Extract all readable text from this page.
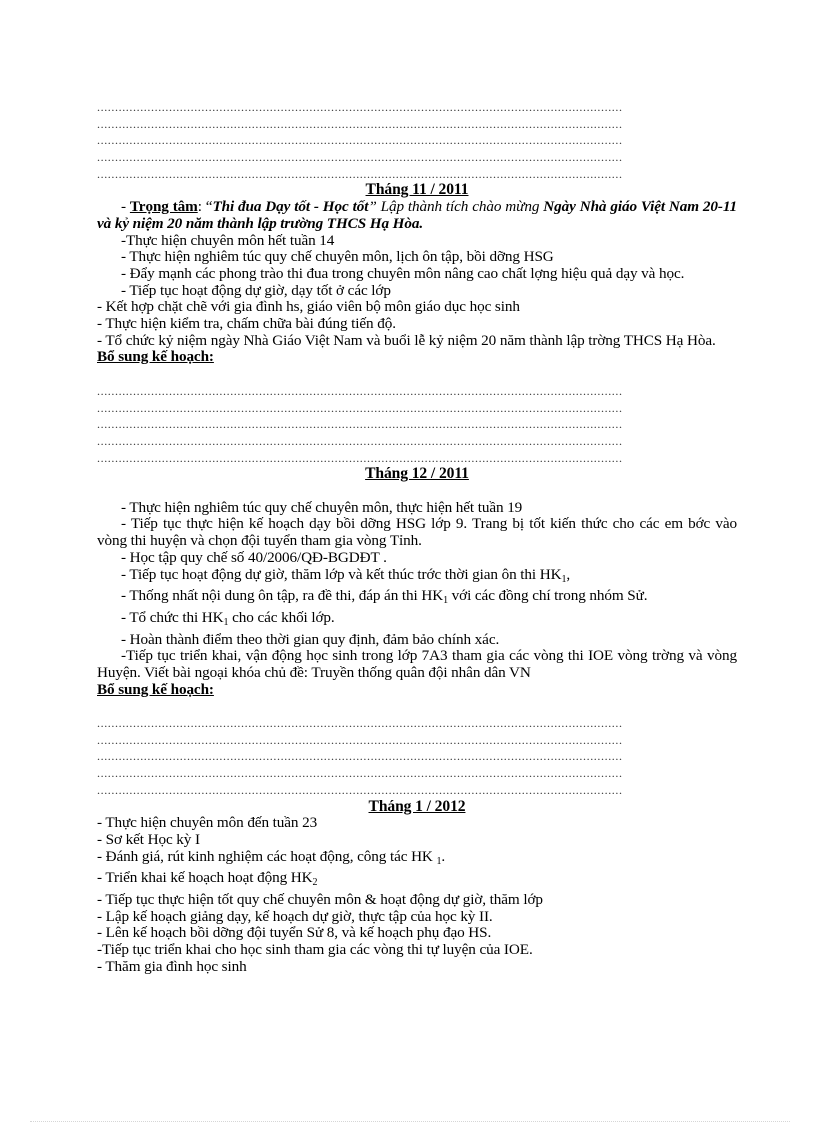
..................................................................................................................................................
..................................................................................................................................................
..................................................................................................................................................
..................................................................................................................................................
..................................................................................................................................................
Tháng 11 / 2011

- Trọng tâm: “Thi đua Dạy tốt - Học tốt” Lập thành tích chào mừng Ngày Nhà giáo Việt Nam 20-11 và kỷ niệm 20 năm thành lập trường THCS Hạ Hòa.

-Thực hiện chuyên môn hết tuần 14

- Thực hiện nghiêm túc quy chế chuyên môn, lịch ôn tập, bồi dỡng HSG

- Đẩy mạnh các phong trào thi đua trong chuyên môn nâng cao chất lợng hiệu quả dạy và học.

- Tiếp tục hoạt động dự giờ, dạy tốt ở các lớp

- Kết hợp chặt chẽ với gia đình hs, giáo viên bộ môn giáo dục học sinh

- Thực hiện kiểm tra, chấm chữa bài đúng tiến độ.

- Tổ chức kỷ niệm ngày Nhà Giáo Việt Nam và buổi lễ kỷ niệm 20 năm thành lập trờng THCS Hạ Hòa.

Bổ sung kế hoạch:

..................................................................................................................................................
..................................................................................................................................................
..................................................................................................................................................
..................................................................................................................................................
..................................................................................................................................................
Tháng 12 / 2011

- Thực hiện nghiêm túc quy chế chuyên môn, thực hiện hết tuần 19

- Tiếp tục thực hiện kế hoạch dạy bồi dỡng HSG lớp 9. Trang bị tốt kiến thức cho các em bớc vào vòng thi huyện và chọn đội tuyển tham gia vòng Tỉnh.

- Học tập quy chế số 40/2006/QĐ-BGDĐT .

- Tiếp tục hoạt động dự giờ, thăm lớp và kết thúc trớc thời gian ôn thi $HK_1$,

- Thống nhất nội dung ôn tập, ra đề thi, đáp án thi $HK_1$ với các đồng chí trong nhóm Sử.

- Tổ chức thi $HK_1$ cho các khối lớp.

- Hoàn thành điểm theo thời gian quy định, đảm bảo chính xác.

-Tiếp tục triển khai, vận động học sinh trong lớp 7A3 tham gia các vòng thi IOE vòng trờng và vòng Huyện. Viết bài ngoại khóa chủ đề: Truyền thống quân đội nhân dân VN

Bổ sung kế hoạch:

..................................................................................................................................................
..................................................................................................................................................
..................................................................................................................................................
..................................................................................................................................................
..................................................................................................................................................
Tháng 1 / 2012

- Thực hiện chuyên môn đến tuần 23

- Sơ kết Học kỳ I

- Đánh giá, rút kinh nghiệm các hoạt động, công tác HK $_1$.

- Triển khai kế hoạch hoạt động $HK_2$

- Tiếp tục thực hiện tốt quy chế chuyên môn & hoạt động dự giờ, thăm lớp

- Lập kế hoạch giảng dạy, kế hoạch dự giờ, thực tập của học kỳ II.

- Lên kế hoạch bồi dỡng đội tuyển Sử 8, và kế hoạch phụ đạo HS.

-Tiếp tục triển khai cho học sinh tham gia các vòng thi tự luyện của IOE.

- Thăm gia đình học sinh
